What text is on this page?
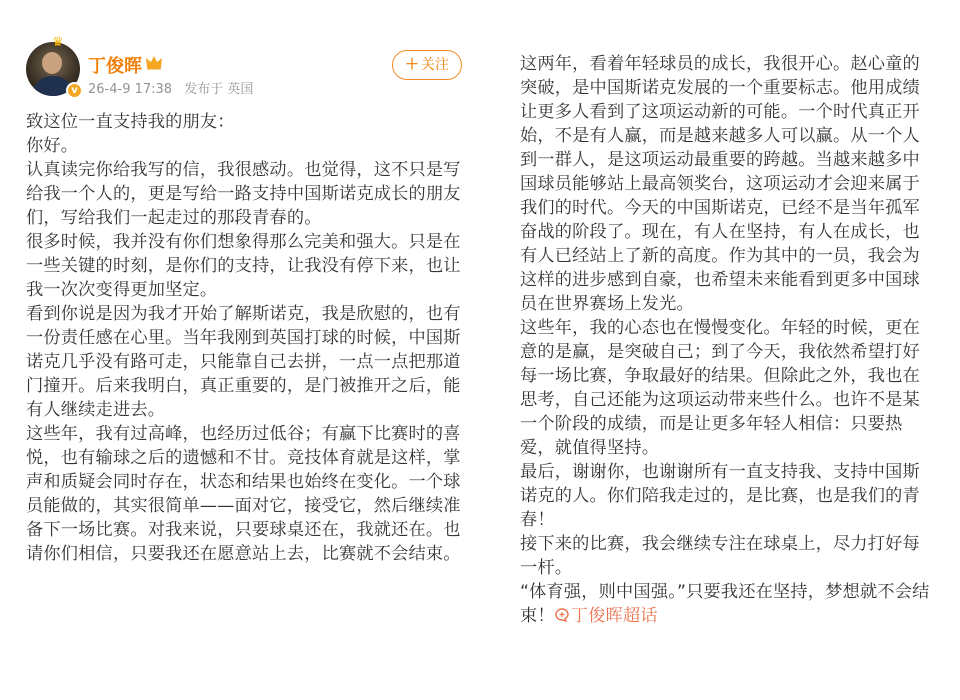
♛
v
丁俊晖
26-4-9 17:38 发布于 英国
＋ 关注

致这位一直支持我的朋友：

你好。

认真读完你给我写的信，我很感动。也觉得，这不只是写给我一个人的，更是写给一路支持中国斯诺克成长的朋友们，写给我们一起走过的那段青春的。

很多时候，我并没有你们想象得那么完美和强大。只是在一些关键的时刻，是你们的支持，让我没有停下来，也让我一次次变得更加坚定。

看到你说是因为我才开始了解斯诺克，我是欣慰的，也有一份责任感在心里。当年我刚到英国打球的时候，中国斯诺克几乎没有路可走，只能靠自己去拼，一点一点把那道门撞开。后来我明白，真正重要的，是门被推开之后，能有人继续走进去。

这些年，我有过高峰，也经历过低谷；有赢下比赛时的喜悦，也有输球之后的遗憾和不甘。竞技体育就是这样，掌声和质疑会同时存在，状态和结果也始终在变化。一个球员能做的，其实很简单——面对它，接受它，然后继续准备下一场比赛。对我来说，只要球桌还在，我就还在。也请你们相信，只要我还在愿意站上去，比赛就不会结束。

这两年，看着年轻球员的成长，我很开心。赵心童的突破，是中国斯诺克发展的一个重要标志。他用成绩让更多人看到了这项运动新的可能。一个时代真正开始，不是有人赢，而是越来越多人可以赢。从一个人到一群人，是这项运动最重要的跨越。当越来越多中国球员能够站上最高领奖台，这项运动才会迎来属于我们的时代。今天的中国斯诺克，已经不是当年孤军奋战的阶段了。现在，有人在坚持，有人在成长，也有人已经站上了新的高度。作为其中的一员，我会为这样的进步感到自豪，也希望未来能看到更多中国球员在世界赛场上发光。

这些年，我的心态也在慢慢变化。年轻的时候，更在意的是赢，是突破自己；到了今天，我依然希望打好每一场比赛，争取最好的结果。但除此之外，我也在思考，自己还能为这项运动带来些什么。也许不是某一个阶段的成绩，而是让更多年轻人相信：只要热爱，就值得坚持。

最后，谢谢你，也谢谢所有一直支持我、支持中国斯诺克的人。你们陪我走过的，是比赛，也是我们的青春！

接下来的比赛，我会继续专注在球桌上，尽力打好每一杆。

“体育强，则中国强。”只要我还在坚持，梦想就不会结束！ 丁俊晖超话
